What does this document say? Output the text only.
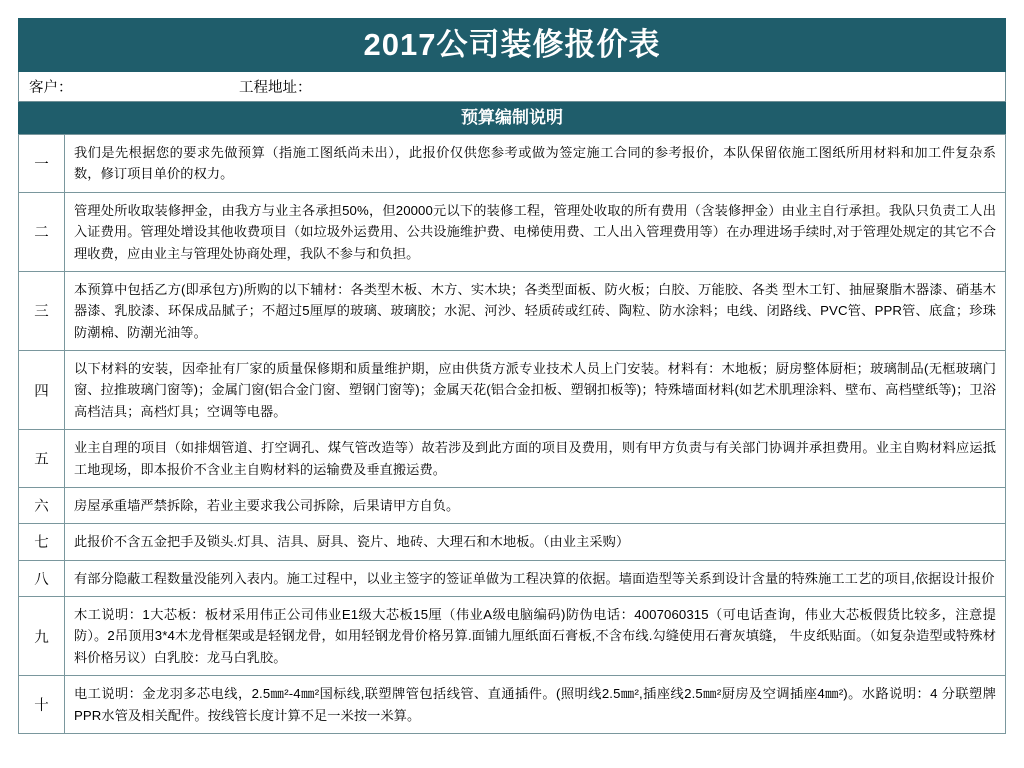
2017公司装修报价表
客户：	工程地址：
预算编制说明
一	我们是先根据您的要求先做预算（指施工图纸尚未出），此报价仅供您参考或做为签定施工合同的参考报价，本队保留依施工图纸所用材料和加工件复杂系数，修订项目单价的权力。
二	管理处所收取装修押金，由我方与业主各承担50%，但20000元以下的装修工程，管理处收取的所有费用（含装修押金）由业主自行承担。我队只负责工人出入证费用。管理处增设其他收费项目（如垃圾外运费用、公共设施维护费、电梯使用费、工人出入管理费用等）在办理进场手续时,对于管理处规定的其它不合理收费，应由业主与管理处协商处理，我队不参与和负担。
三	本预算中包括乙方(即承包方)所购的以下辅材：各类型木板、木方、实木块；各类型面板、防火板；白胶、万能胶、各类 型木工钉、抽屉聚脂木器漆、硝基木器漆、乳胶漆、环保成品腻子；不超过5厘厚的玻璃、玻璃胶；水泥、河沙、轻质砖或红砖、陶粒、防水涂料；电线、闭路线、PVC管、PPR管、底盒；珍珠防潮棉、防潮光油等。
四	以下材料的安装，因牵扯有厂家的质量保修期和质量维护期，应由供货方派专业技术人员上门安装。材料有：木地板；厨房整体厨柜；玻璃制品(无框玻璃门窗、拉推玻璃门窗等)；金属门窗(铝合金门窗、塑钢门窗等)；金属天花(铝合金扣板、塑钢扣板等)；特殊墙面材料(如艺术肌理涂料、壁布、高档壁纸等)；卫浴高档洁具；高档灯具；空调等电器。
五	业主自理的项目（如排烟管道、打空调孔、煤气管改造等）故若涉及到此方面的项目及费用，则有甲方负责与有关部门协调并承担费用。业主自购材料应运抵工地现场，即本报价不含业主自购材料的运输费及垂直搬运费。
六	房屋承重墙严禁拆除，若业主要求我公司拆除，后果请甲方自负。
七	此报价不含五金把手及锁头.灯具、洁具、厨具、瓷片、地砖、大理石和木地板。（由业主采购）
八	有部分隐蔽工程数量没能列入表内。施工过程中，以业主签字的签证单做为工程决算的依据。墙面造型等关系到设计含量的特殊施工工艺的项目,依据设计报价
九	木工说明：1大芯板：板材采用伟正公司伟业E1级大芯板15厘（伟业A级电脑编码)防伪电话：4007060315（可电话查询，伟业大芯板假货比较多，注意提防）。2吊顶用3*4木龙骨框架或是轻钢龙骨，如用轻钢龙骨价格另算.面铺九厘纸面石膏板,不含布线.勾缝使用石膏灰填缝， 牛皮纸贴面。（如复杂造型或特殊材料价格另议）白乳胶：龙马白乳胶。
十	电工说明：金龙羽多芯电线，2.5㎜²-4㎜²国标线,联塑牌管包括线管、直通插件。(照明线2.5㎜²,插座线2.5㎜²厨房及空调插座4㎜²)。水路说明：4 分联塑牌PPR水管及相关配件。按线管长度计算不足一米按一米算。
